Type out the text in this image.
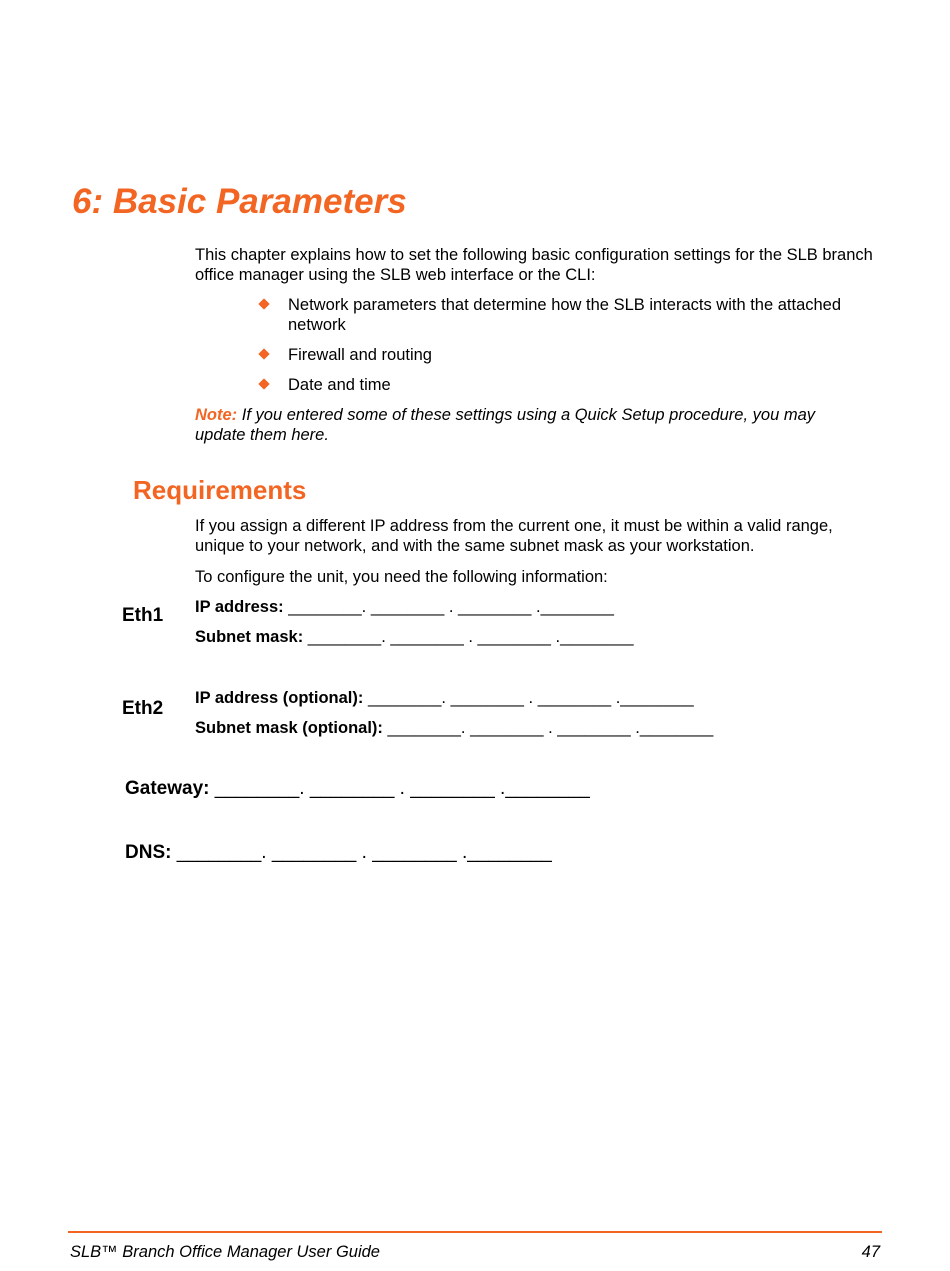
6: Basic Parameters

This chapter explains how to set the following basic configuration settings for the SLB branch office manager using the SLB web interface or the CLI:

Network parameters that determine how the SLB interacts with the attached network
Firewall and routing
Date and time

Note: If you entered some of these settings using a Quick Setup procedure, you may update them here.

Requirements

If you assign a different IP address from the current one, it must be within a valid range, unique to your network, and with the same subnet mask as your workstation.

To configure the unit, you need the following information:

Eth1 IP address: ________. ________ . ________ .________
Subnet mask: ________. ________ . ________ .________
Eth2 IP address (optional): ________. ________ . ________ .________
Subnet mask (optional): ________. ________ . ________ .________
Gateway: ________. ________ . ________ .________
DNS: ________. ________ . ________ .________
SLB™ Branch Office Manager User Guide	47
